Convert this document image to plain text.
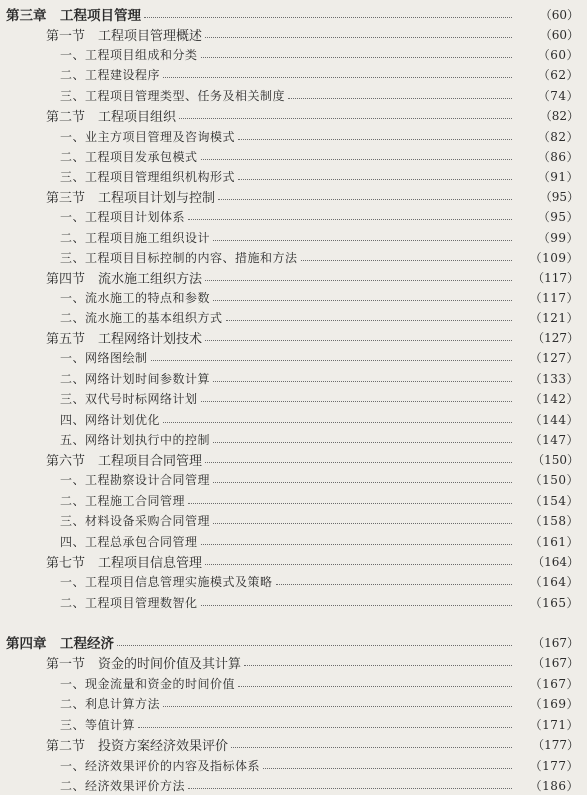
第三章　工程项目管理	（60）
第一节　工程项目管理概述	（60）
一、工程项目组成和分类	（60）
二、工程建设程序	（62）
三、工程项目管理类型、任务及相关制度	（74）
第二节　工程项目组织	（82）
一、业主方项目管理及咨询模式	（82）
二、工程项目发承包模式	（86）
三、工程项目管理组织机构形式	（91）
第三节　工程项目计划与控制	（95）
一、工程项目计划体系	（95）
二、工程项目施工组织设计	（99）
三、工程项目目标控制的内容、措施和方法	（109）
第四节　流水施工组织方法	（117）
一、流水施工的特点和参数	（117）
二、流水施工的基本组织方式	（121）
第五节　工程网络计划技术	（127）
一、网络图绘制	（127）
二、网络计划时间参数计算	（133）
三、双代号时标网络计划	（142）
四、网络计划优化	（144）
五、网络计划执行中的控制	（147）
第六节　工程项目合同管理	（150）
一、工程勘察设计合同管理	（150）
二、工程施工合同管理	（154）
三、材料设备采购合同管理	（158）
四、工程总承包合同管理	（161）
第七节　工程项目信息管理	（164）
一、工程项目信息管理实施模式及策略	（164）
二、工程项目管理数智化	（165）
第四章　工程经济	（167）
第一节　资金的时间价值及其计算	（167）
一、现金流量和资金的时间价值	（167）
二、利息计算方法	（169）
三、等值计算	（171）
第二节　投资方案经济效果评价	（177）
一、经济效果评价的内容及指标体系	（177）
二、经济效果评价方法	（186）
